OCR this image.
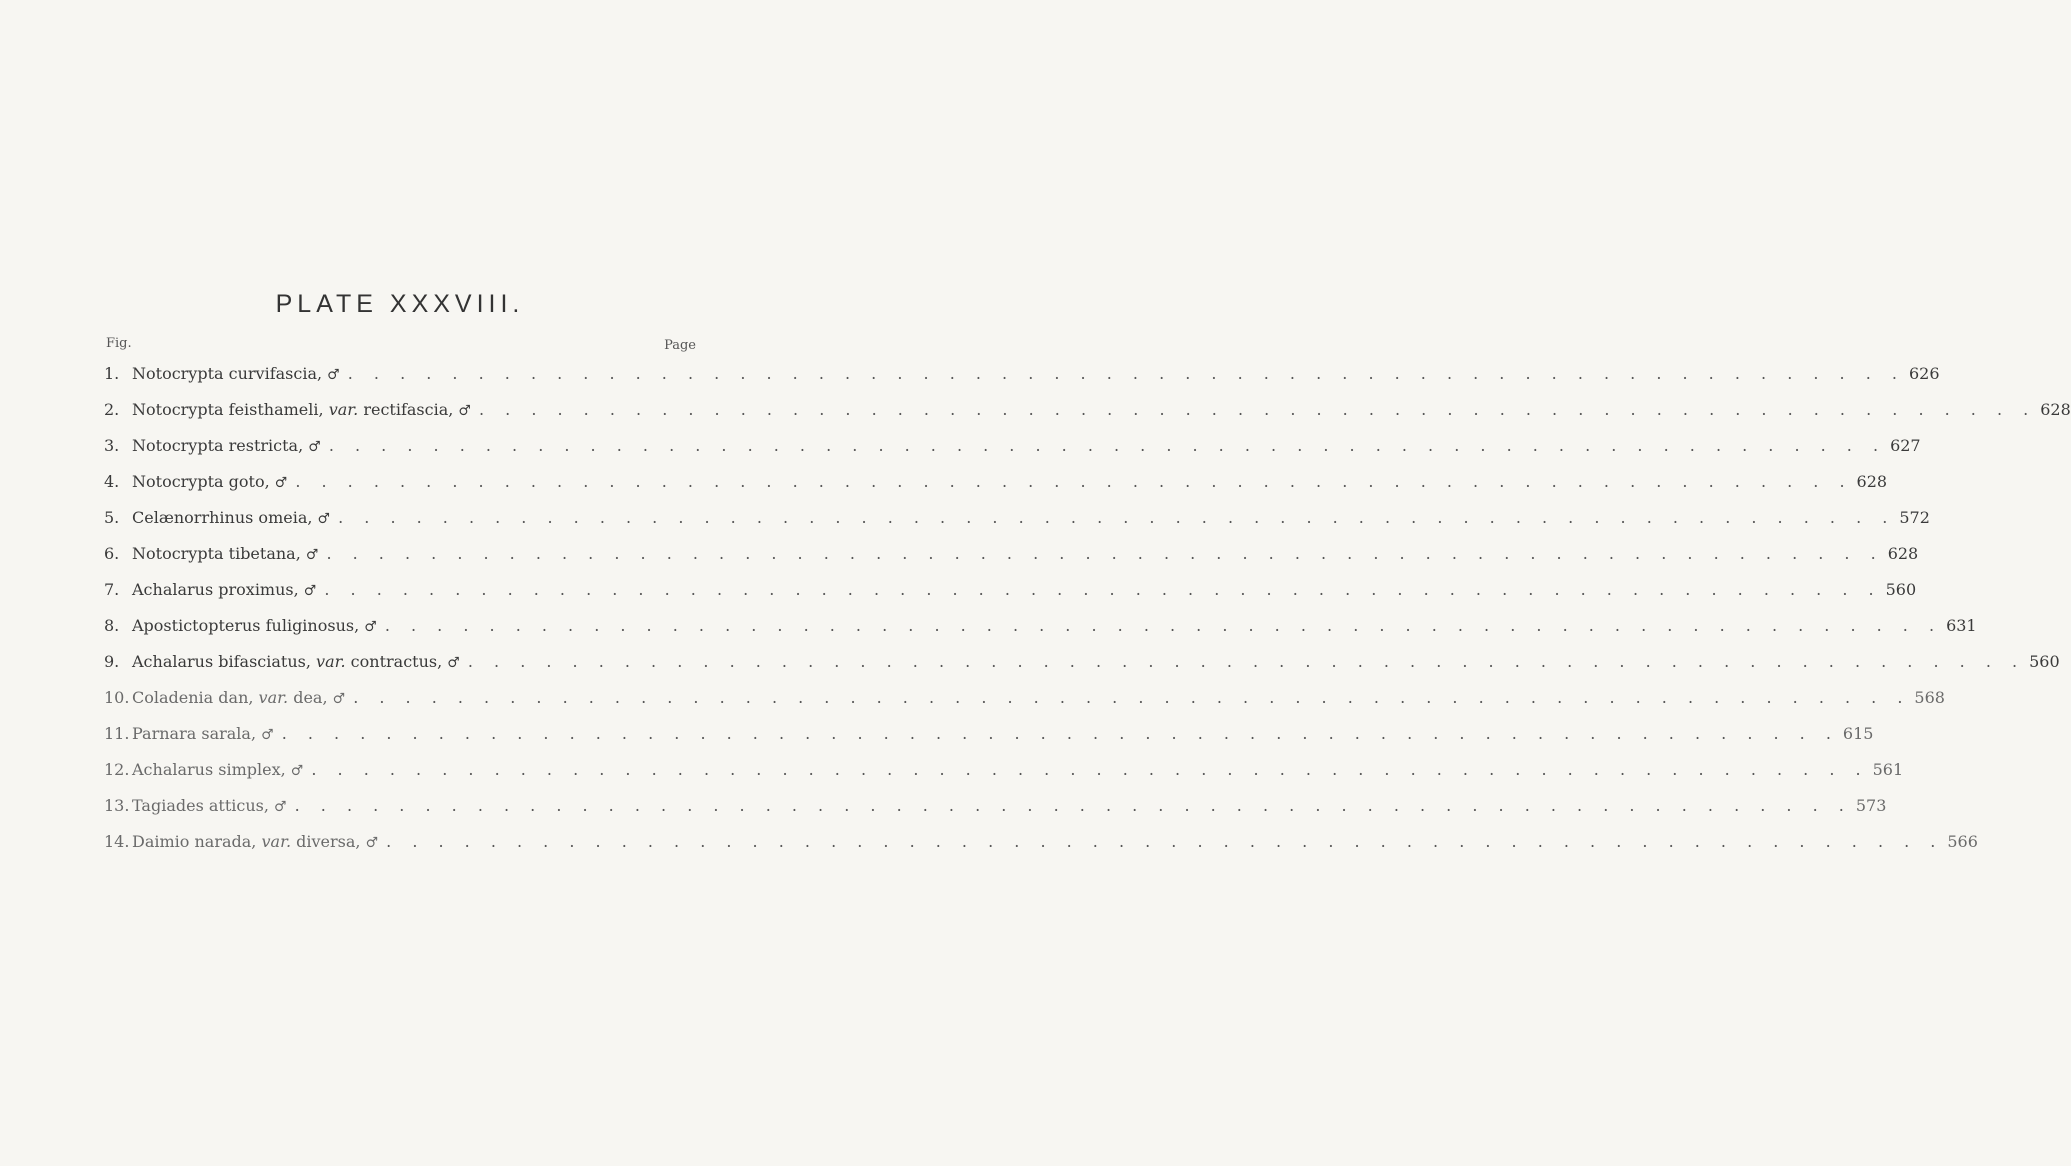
PLATE XXXVIII.
Fig.	Page
1. Notocrypta curvifascia, ♂ . . . . . . . . . . . . . . . . . . . . . . . . . . . . . . . . . . . . . . . . . . . . . . . . . . . . . . . . . . . . 626
2. Notocrypta feisthameli, var. rectifascia, ♂ . . . . . . . . . . . . . . . . . . . . . . . . . . . . . . . . . . . . . . . . . . . . . . . . . . . . . . . . . . . . 628
3. Notocrypta restricta, ♂ . . . . . . . . . . . . . . . . . . . . . . . . . . . . . . . . . . . . . . . . . . . . . . . . . . . . . . . . . . . . 627
4. Notocrypta goto, ♂ . . . . . . . . . . . . . . . . . . . . . . . . . . . . . . . . . . . . . . . . . . . . . . . . . . . . . . . . . . . . 628
5. Celænorrhinus omeia, ♂ . . . . . . . . . . . . . . . . . . . . . . . . . . . . . . . . . . . . . . . . . . . . . . . . . . . . . . . . . . . . 572
6. Notocrypta tibetana, ♂ . . . . . . . . . . . . . . . . . . . . . . . . . . . . . . . . . . . . . . . . . . . . . . . . . . . . . . . . . . . . 628
7. Achalarus proximus, ♂ . . . . . . . . . . . . . . . . . . . . . . . . . . . . . . . . . . . . . . . . . . . . . . . . . . . . . . . . . . . . 560
8. Apostictopterus fuliginosus, ♂ . . . . . . . . . . . . . . . . . . . . . . . . . . . . . . . . . . . . . . . . . . . . . . . . . . . . . . . . . . . . 631
9. Achalarus bifasciatus, var. contractus, ♂ . . . . . . . . . . . . . . . . . . . . . . . . . . . . . . . . . . . . . . . . . . . . . . . . . . . . . . . . . . . . 560
10. Coladenia dan, var. dea, ♂ . . . . . . . . . . . . . . . . . . . . . . . . . . . . . . . . . . . . . . . . . . . . . . . . . . . . . . . . . . . . 568
11. Parnara sarala, ♂ . . . . . . . . . . . . . . . . . . . . . . . . . . . . . . . . . . . . . . . . . . . . . . . . . . . . . . . . . . . . 615
12. Achalarus simplex, ♂ . . . . . . . . . . . . . . . . . . . . . . . . . . . . . . . . . . . . . . . . . . . . . . . . . . . . . . . . . . . . 561
13. Tagiades atticus, ♂ . . . . . . . . . . . . . . . . . . . . . . . . . . . . . . . . . . . . . . . . . . . . . . . . . . . . . . . . . . . . 573
14. Daimio narada, var. diversa, ♂ . . . . . . . . . . . . . . . . . . . . . . . . . . . . . . . . . . . . . . . . . . . . . . . . . . . . . . . . . . . . 566
